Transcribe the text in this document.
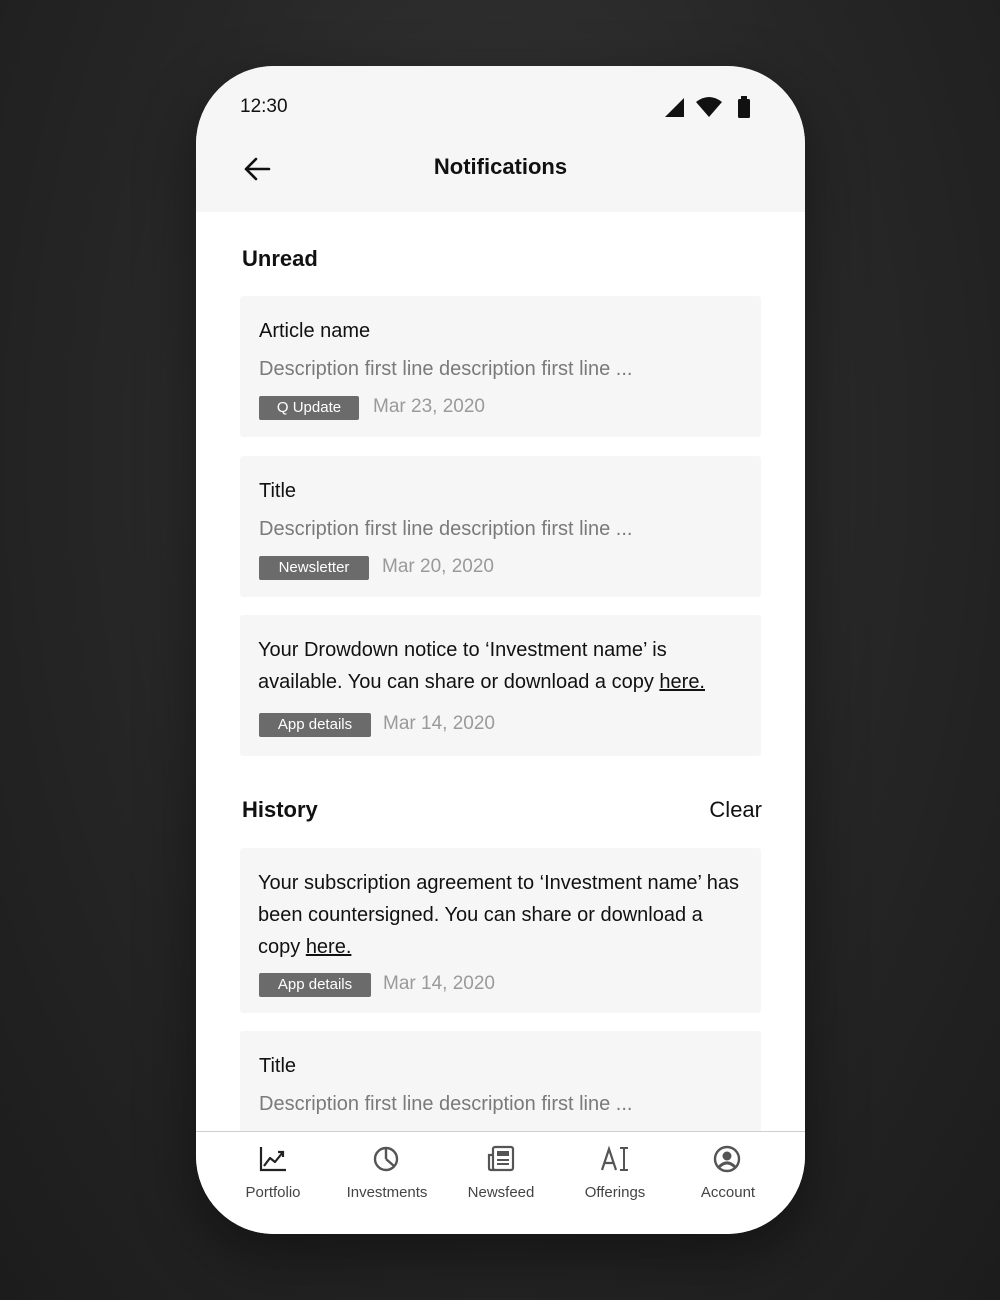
12:30
Notifications
Unread
Article name
Description first line description first line ...
Q Update	Mar 23, 2020
Title
Description first line description first line ...
Newsletter	Mar 20, 2020
Your Drowdown notice to ‘Investment name’ is available. You can share or download a copy here.
App details	Mar 14, 2020
History	Clear
Your subscription agreement to ‘Investment name’ has been countersigned. You can share or download a copy here.
App details	Mar 14, 2020
Title
Description first line description first line ...
Portfolio	Investments	Newsfeed	Offerings	Account
